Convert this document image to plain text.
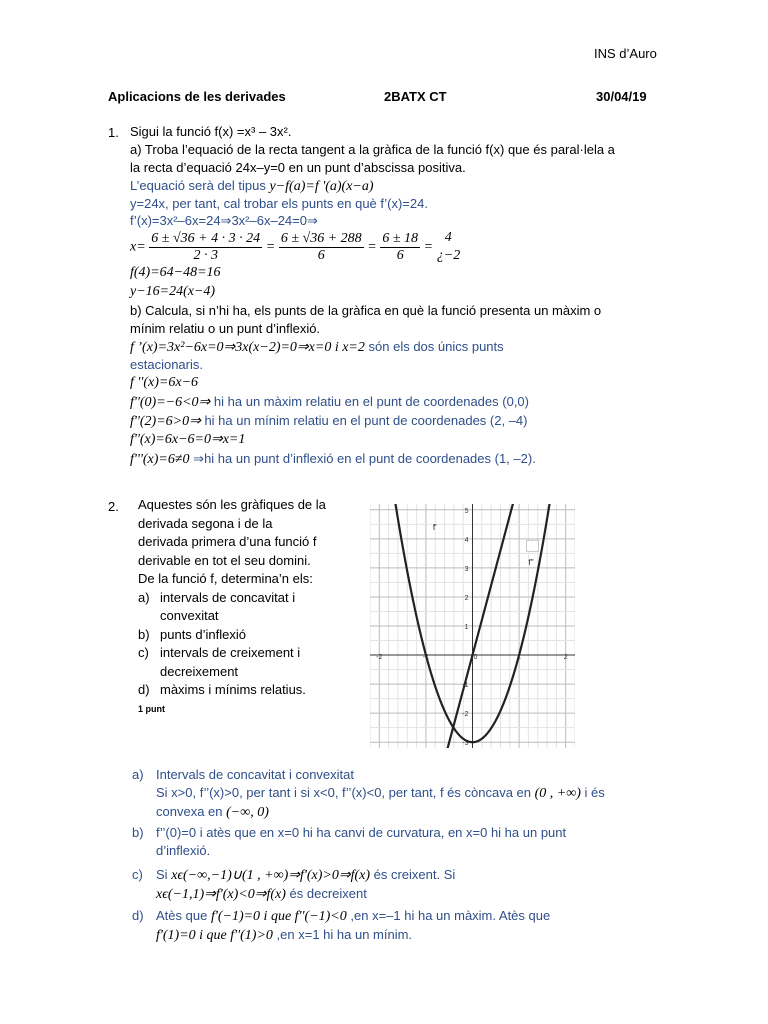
INS d’Auro
Aplicacions de les derivades	2BATX CT	30/04/19
1. Sigui la funció f(x) =x³ – 3x².
a) Troba l’equació de la recta tangent a la gràfica de la funció f(x) que és paral·lela a
la recta d’equació 24x–y=0 en un punt d’abscissa positiva.
L’equació serà del tipus y−f(a)=f '(a)(x−a)
y=24x, per tant, cal trobar els punts en què f’(x)=24.
f’(x)=3x²–6x=24⇒3x²–6x–24=0⇒
$x= \frac{6 \pm √36 + 4 \cdot 3 \cdot 24}{2 \cdot 3} = \frac{6 \pm √36 + 288}{6} = \frac{6 \pm 18}{6}$ =
4
¿−2
f(4)=64−48=16
y−16=24(x−4)
b) Calcula, si n’hi ha, els punts de la gràfica en què la funció presenta un màxim o
mínim relatiu o un punt d’inflexió.
f ’(x)=3x²−6x=0⇒3x(x−2)=0⇒x=0 i x=2 són els dos únics punts
estacionaris.
f ''(x)=6x−6
f''(0)=−6<0⇒ hi ha un màxim relatiu en el punt de coordenades (0,0)
f''(2)=6>0⇒ hi ha un mínim relatiu en el punt de coordenades (2, –4)
f''(x)=6x−6=0⇒x=1
f'''(x)=6≠0 ⇒hi ha un punt d’inflexió en el punt de coordenades (1, –2).
2. Aquestes són les gràfiques de la
derivada segona i de la
derivada primera d’una funció f
derivable en tot el seu domini.
De la funció f, determina’n els:
a) intervals de concavitat i
convexitat
b) punts d’inflexió
c) intervals de creixement i
decreixement
d) màxims i mínims relatius.
1 punt
-2	-1	0	1	2
-3
-2
-1
1
2
3
4
5
f'
f''
a) Intervals de concavitat i convexitat
Si x>0, f’’(x)>0, per tant i si x<0, f’’(x)<0, per tant, f és còncava en (0 , +∞) i és
convexa en (−∞, 0)
b) f’’(0)=0 i atès que en x=0 hi ha canvi de curvatura, en x=0 hi ha un punt
d’inflexió.
c) Si xϵ(−∞,−1)∪(1 , +∞)⇒f'(x)>0⇒f(x) és creixent. Si
xϵ(−1,1)⇒f'(x)<0⇒f(x) és decreixent
d) Atès que f'(−1)=0 i que f''(−1)<0 ,en x=–1 hi ha un màxim. Atès que
f'(1)=0 i que f''(1)>0 ,en x=1 hi ha un mínim.
